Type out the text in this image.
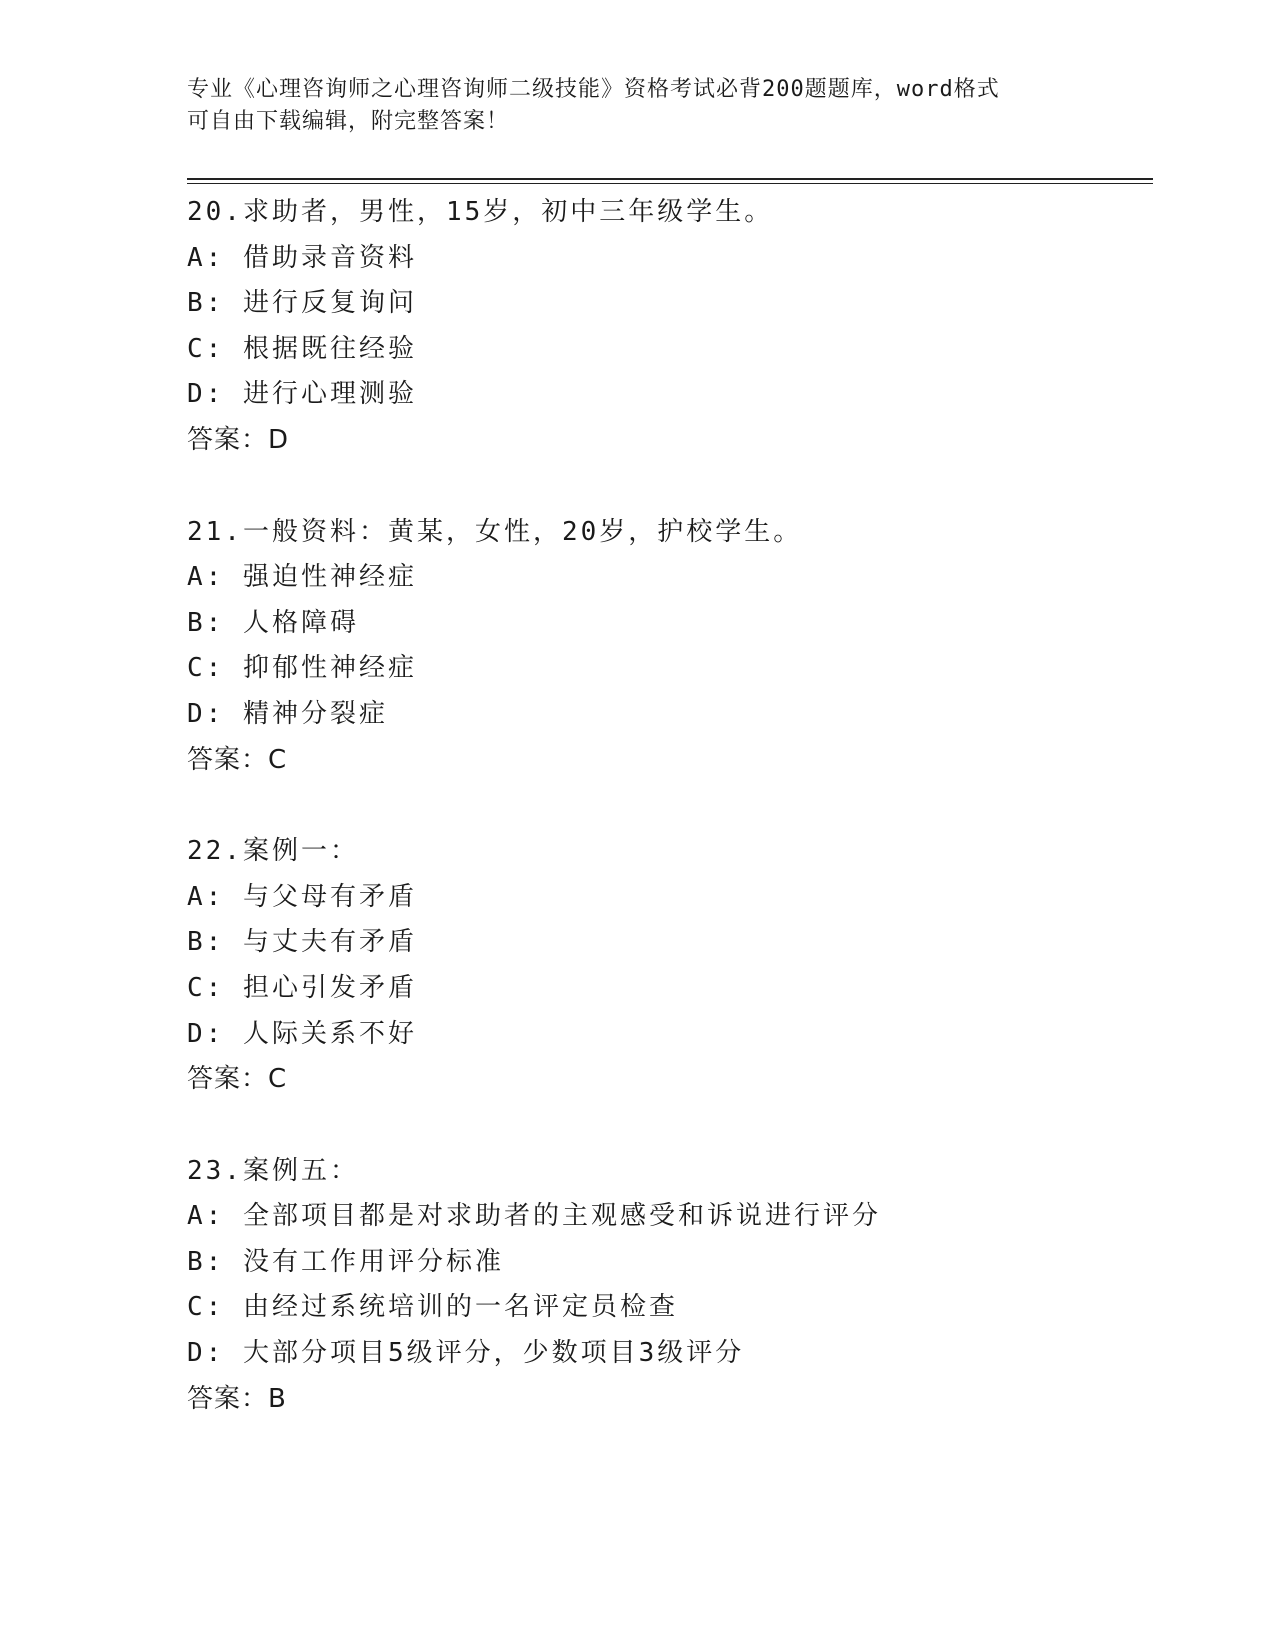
专业《心理咨询师之心理咨询师二级技能》资格考试必背200题题库，word格式
可自由下载编辑，附完整答案！
20.求助者，男性，15岁，初中三年级学生。
A: 借助录音资料
B: 进行反复询问
C: 根据既往经验
D: 进行心理测验
答案：D
21.一般资料：黄某，女性，20岁，护校学生。
A: 强迫性神经症
B: 人格障碍
C: 抑郁性神经症
D: 精神分裂症
答案：C
22.案例一：
A: 与父母有矛盾
B: 与丈夫有矛盾
C: 担心引发矛盾
D: 人际关系不好
答案：C
23.案例五：
A: 全部项目都是对求助者的主观感受和诉说进行评分
B: 没有工作用评分标准
C: 由经过系统培训的一名评定员检查
D: 大部分项目5级评分，少数项目3级评分
答案：B
